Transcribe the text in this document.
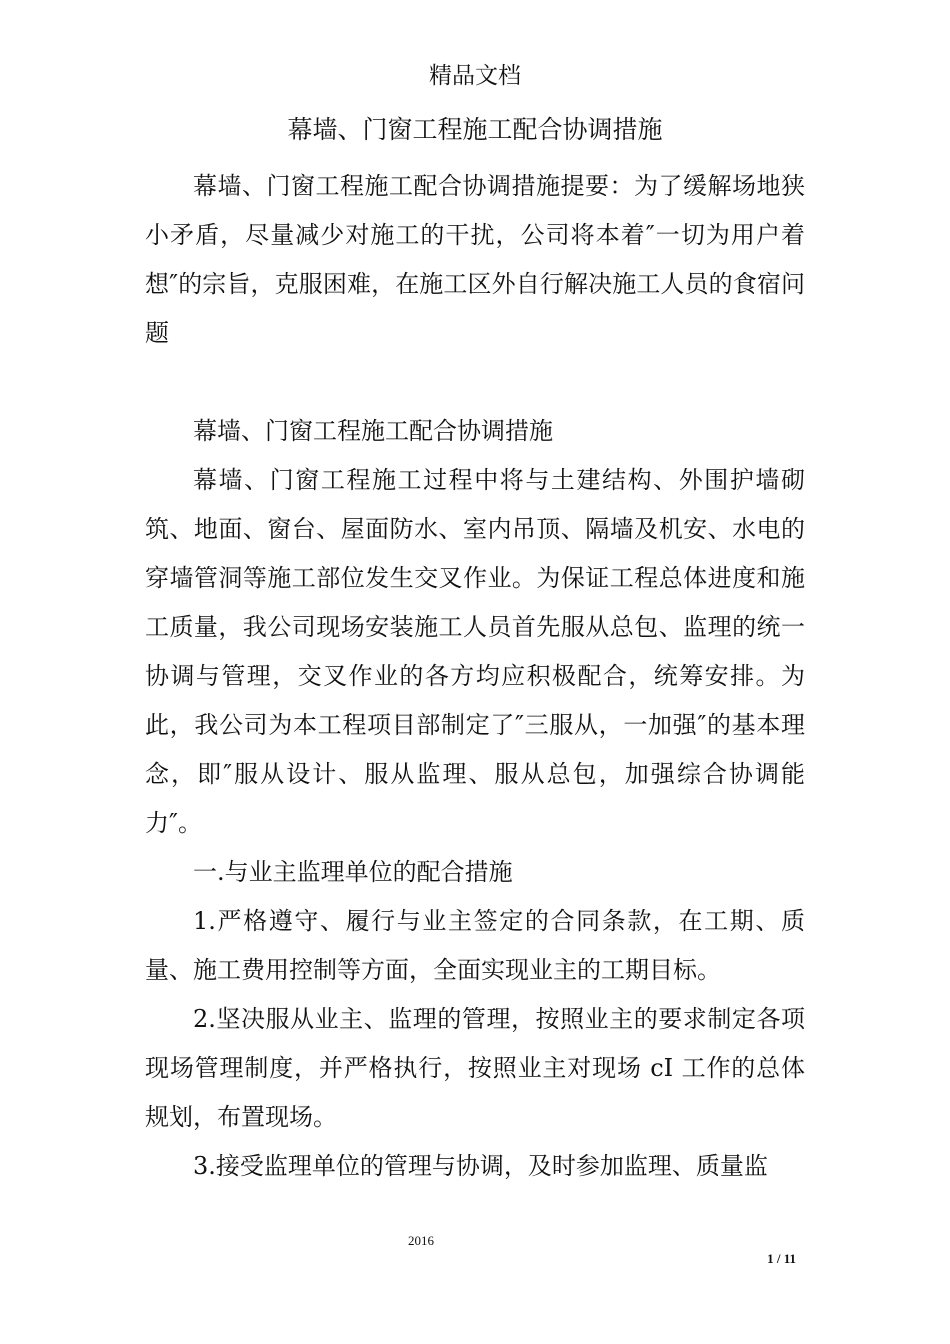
精品文档
幕墙、门窗工程施工配合协调措施

幕墙、门窗工程施工配合协调措施提要：为了缓解场地狭小矛盾，尽量减少对施工的干扰，公司将本着″一切为用户着想″的宗旨，克服困难，在施工区外自行解决施工人员的食宿问题

幕墙、门窗工程施工配合协调措施

幕墙、门窗工程施工过程中将与土建结构、外围护墙砌筑、地面、窗台、屋面防水、室内吊顶、隔墙及机安、水电的穿墙管洞等施工部位发生交叉作业。为保证工程总体进度和施工质量，我公司现场安装施工人员首先服从总包、监理的统一协调与管理，交叉作业的各方均应积极配合，统筹安排。为此，我公司为本工程项目部制定了″三服从，一加强″的基本理念，即″服从设计、服从监理、服从总包，加强综合协调能力″。

一.与业主监理单位的配合措施

1.严格遵守、履行与业主签定的合同条款，在工期、质量、施工费用控制等方面，全面实现业主的工期目标。

2.坚决服从业主、监理的管理，按照业主的要求制定各项现场管理制度，并严格执行，按照业主对现场 cI 工作的总体规划，布置现场。

3.接受监理单位的管理与协调，及时参加监理、质量监

2016
1 / 11
